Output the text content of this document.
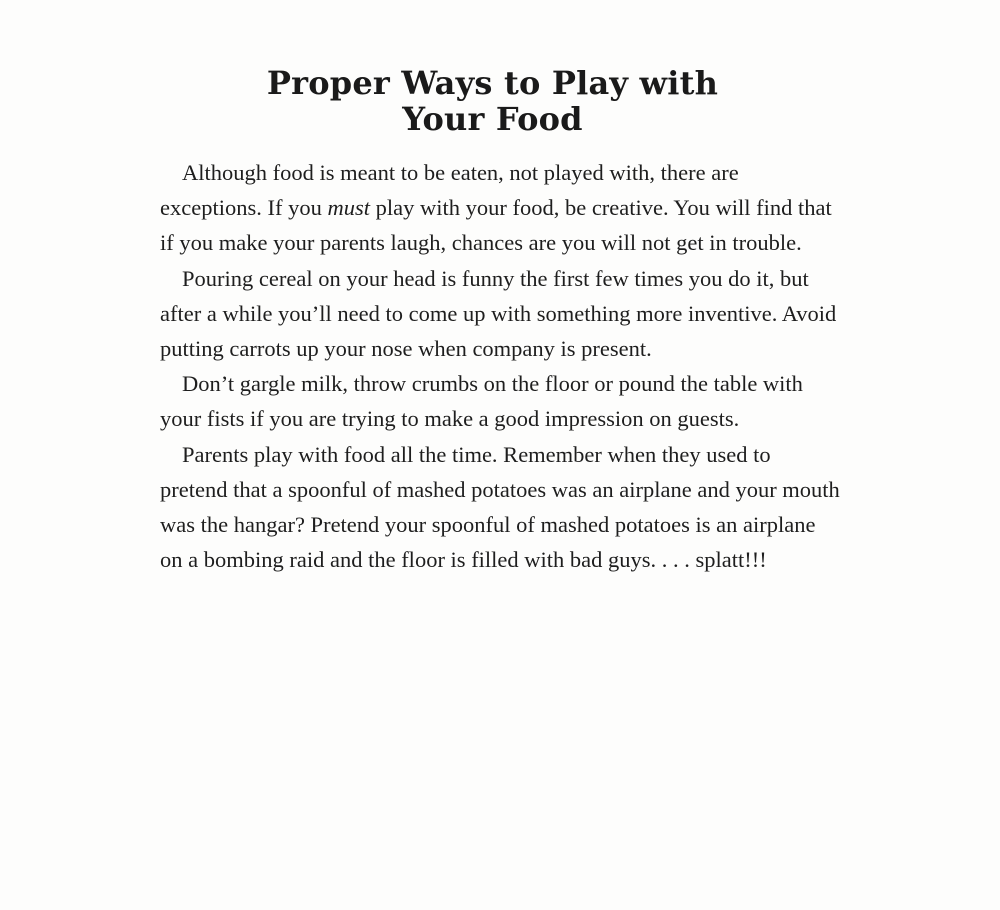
Proper Ways to Play with
Your Food

Although food is meant to be eaten, not played with, there are exceptions. If you must play with your food, be creative. You will find that if you make your parents laugh, chances are you will not get in trouble.

Pouring cereal on your head is funny the first few times you do it, but after a while you’ll need to come up with something more inventive. Avoid putting carrots up your nose when company is present.

Don’t gargle milk, throw crumbs on the floor or pound the table with your fists if you are trying to make a good impression on guests.

Parents play with food all the time. Remember when they used to pretend that a spoonful of mashed potatoes was an airplane and your mouth was the hangar? Pretend your spoonful of mashed potatoes is an airplane on a bombing raid and the floor is filled with bad guys. . . . splatt!!!
